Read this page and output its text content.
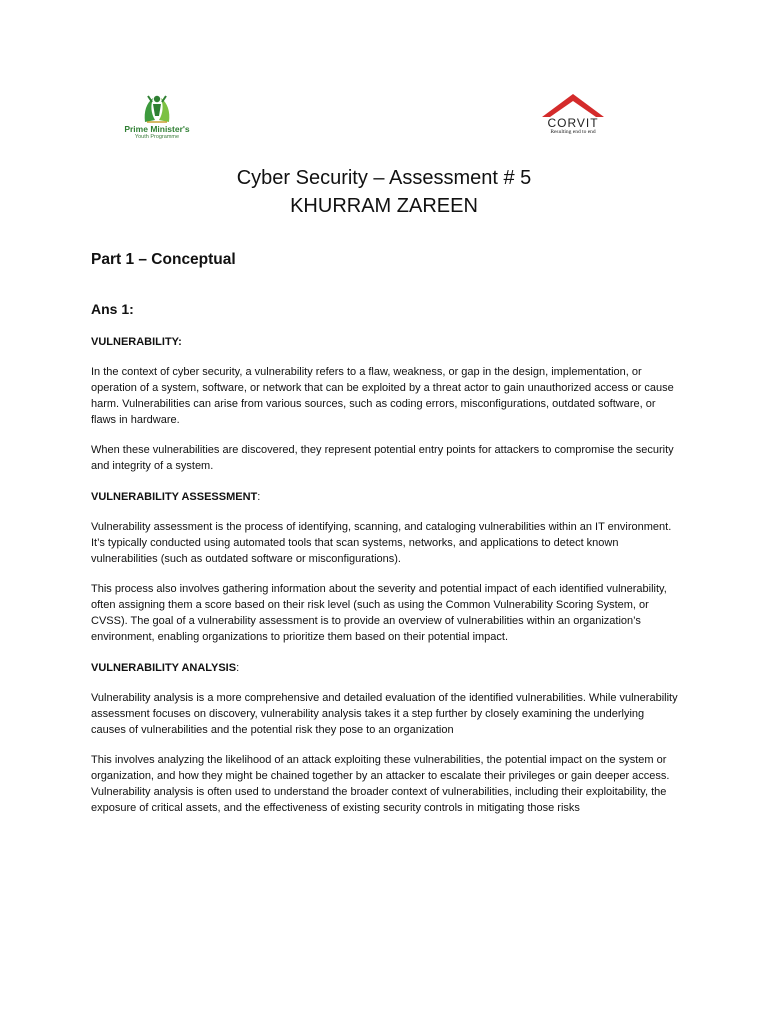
Prime Minister's
Youth Programme
CORVIT
Resulting end to end
Cyber Security – Assessment # 5
KHURRAM ZAREEN
Part 1 – Conceptual
Ans 1:
VULNERABILITY:

In the context of cyber security, a vulnerability refers to a flaw, weakness, or gap in the design, implementation, or operation of a system, software, or network that can be exploited by a threat actor to gain unauthorized access or cause harm. Vulnerabilities can arise from various sources, such as coding errors, misconfigurations, outdated software, or flaws in hardware.

When these vulnerabilities are discovered, they represent potential entry points for attackers to compromise the security and integrity of a system.

VULNERABILITY ASSESSMENT:

Vulnerability assessment is the process of identifying, scanning, and cataloging vulnerabilities within an IT environment. It’s typically conducted using automated tools that scan systems, networks, and applications to detect known vulnerabilities (such as outdated software or misconfigurations).

This process also involves gathering information about the severity and potential impact of each identified vulnerability, often assigning them a score based on their risk level (such as using the Common Vulnerability Scoring System, or CVSS). The goal of a vulnerability assessment is to provide an overview of vulnerabilities within an organization’s environment, enabling organizations to prioritize them based on their potential impact.

VULNERABILITY ANALYSIS:

Vulnerability analysis is a more comprehensive and detailed evaluation of the identified vulnerabilities. While vulnerability assessment focuses on discovery, vulnerability analysis takes it a step further by closely examining the underlying causes of vulnerabilities and the potential risk they pose to an organization

This involves analyzing the likelihood of an attack exploiting these vulnerabilities, the potential impact on the system or organization, and how they might be chained together by an attacker to escalate their privileges or gain deeper access. Vulnerability analysis is often used to understand the broader context of vulnerabilities, including their exploitability, the exposure of critical assets, and the effectiveness of existing security controls in mitigating those risks
